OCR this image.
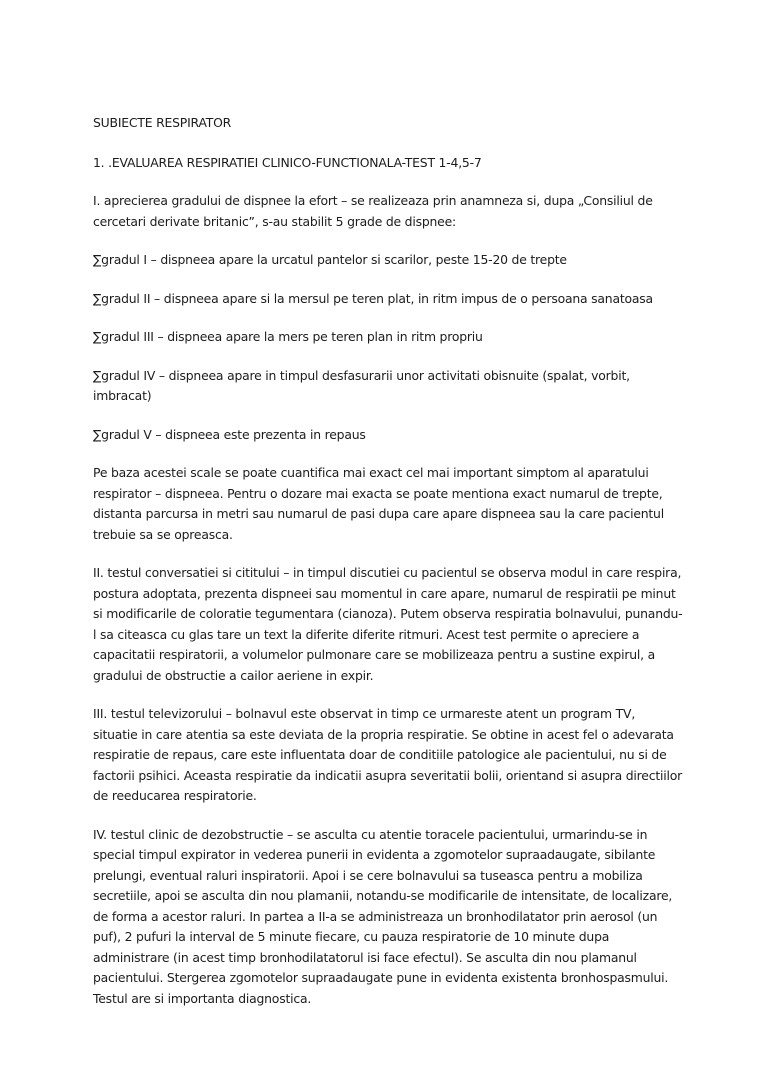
SUBIECTE RESPIRATOR

1. .EVALUAREA RESPIRATIEI CLINICO-FUNCTIONALA-TEST 1-4,5-7

I. aprecierea gradului de dispnee la efort – se realizeaza prin anamneza si, dupa „Consiliul de cercetari derivate britanic”, s-au stabilit 5 grade de dispnee:

∑gradul I – dispneea apare la urcatul pantelor si scarilor, peste 15-20 de trepte

∑gradul II – dispneea apare si la mersul pe teren plat, in ritm impus de o persoana sanatoasa

∑gradul III – dispneea apare la mers pe teren plan in ritm propriu

∑gradul IV – dispneea apare in timpul desfasurarii unor activitati obisnuite (spalat, vorbit, imbracat)

∑gradul V – dispneea este prezenta in repaus

Pe baza acestei scale se poate cuantifica mai exact cel mai important simptom al aparatului respirator – dispneea. Pentru o dozare mai exacta se poate mentiona exact numarul de trepte, distanta parcursa in metri sau numarul de pasi dupa care apare dispneea sau la care pacientul trebuie sa se opreasca.

II. testul conversatiei si cititului – in timpul discutiei cu pacientul se observa modul in care respira, postura adoptata, prezenta dispneei sau momentul in care apare, numarul de respiratii pe minut si modificarile de coloratie tegumentara (cianoza). Putem observa respiratia bolnavului, punandu-l sa citeasca cu glas tare un text la diferite diferite ritmuri. Acest test permite o apreciere a capacitatii respiratorii, a volumelor pulmonare care se mobilizeaza pentru a sustine expirul, a gradului de obstructie a cailor aeriene in expir.

III. testul televizorului – bolnavul este observat in timp ce urmareste atent un program TV, situatie in care atentia sa este deviata de la propria respiratie. Se obtine in acest fel o adevarata respiratie de repaus, care este influentata doar de conditiile patologice ale pacientului, nu si de factorii psihici. Aceasta respiratie da indicatii asupra severitatii bolii, orientand si asupra directiilor de reeducarea respiratorie.

IV. testul clinic de dezobstructie – se asculta cu atentie toracele pacientului, urmarindu-se in special timpul expirator in vederea punerii in evidenta a zgomotelor supraadaugate, sibilante prelungi, eventual raluri inspiratorii. Apoi i se cere bolnavului sa tuseasca pentru a mobiliza secretiile, apoi se asculta din nou plamanii, notandu-se modificarile de intensitate, de localizare, de forma a acestor raluri. In partea a II-a se administreaza un bronhodilatator prin aerosol (un puf), 2 pufuri la interval de 5 minute fiecare, cu pauza respiratorie de 10 minute dupa administrare (in acest timp bronhodilatatorul isi face efectul). Se asculta din nou plamanul pacientului. Stergerea zgomotelor supraadaugate pune in evidenta existenta bronhospasmului. Testul are si importanta diagnostica.
